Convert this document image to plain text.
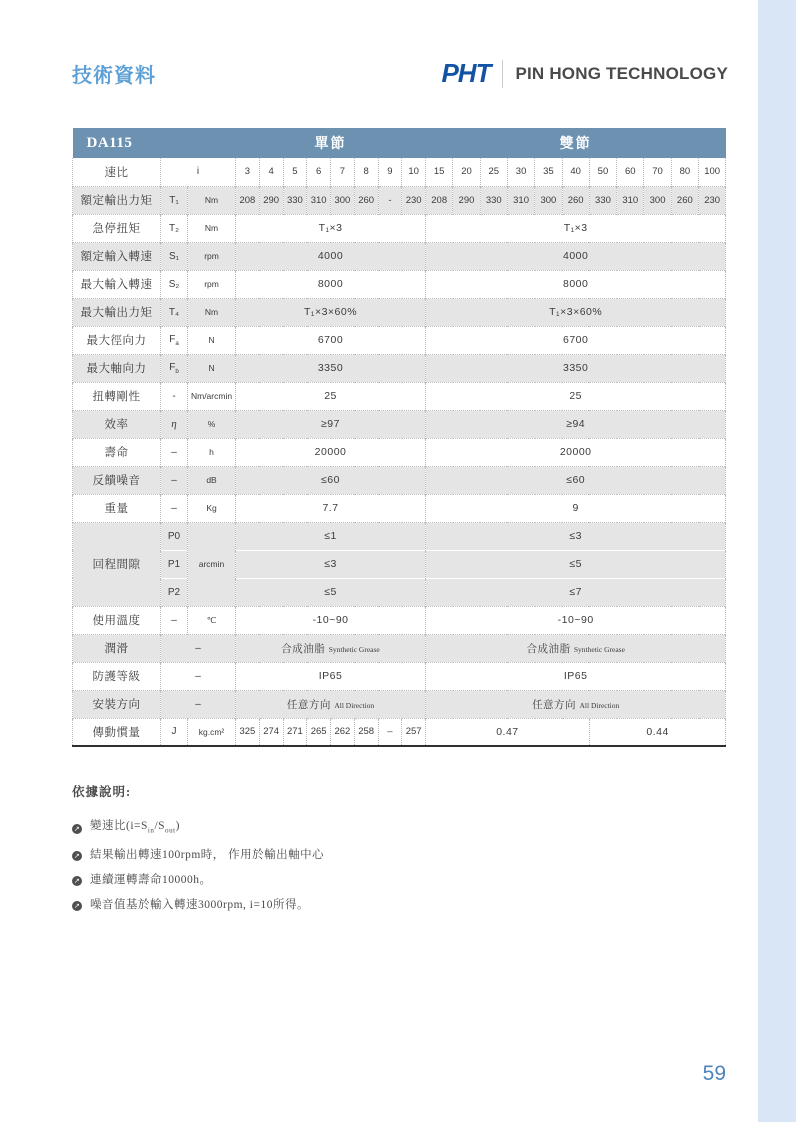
技術資料	PHT PIN HONG TECHNOLOGY
DA115			單節								雙節										
速比	i		3	4	5	6	7	8	9	10	15	20	25	30	35	40	50	60	70	80	100
額定輸出力矩	T₁	Nm	208	290	330	310	300	260	-	230	208	290	330	310	300	260	330	310	300	260	230
急停扭矩	T₂	Nm	T₁×3								T₁×3										
額定輸入轉速	S₁	rpm	4000								4000										
最大輸入轉速	S₂	rpm	8000								8000										
最大輸出力矩	T₄	Nm	T₁×3×60%								T₁×3×60%										
最大徑向力	$F_a$	N	6700								6700										
最大軸向力	$F_b$	N	3350								3350										
扭轉剛性	-	Nm/arcmin	25								25										
效率	η	%	≥97								≥94										
壽命	–	h	20000								20000										
反饋噪音	–	dB	≤60								≤60										
重量	–	Kg	7.7								9										
回程間隙	P0	arcmin	≤1								≤3										
	P1		≤3								≤5										
	P2		≤5								≤7										
使用溫度	–	℃	-10~90								-10~90										
潤滑	–		合成油脂 Synthetic Grease								合成油脂 Synthetic Grease										
防護等級	–		IP65								IP65										
安裝方向	–		任意方向 All Direction								任意方向 All Direction										
傳動慣量	J	kg.cm²	325	274	271	265	262	258	–	257	0.47						0.44				
依據說明:
↗ 變速比$(i=S_{in}/S_{out})$
↗ 結果輸出轉速100rpm時， 作用於輸出軸中心
↗ 連續運轉壽命10000h。
↗ 噪音值基於輸入轉速3000rpm, i=10所得。
59
